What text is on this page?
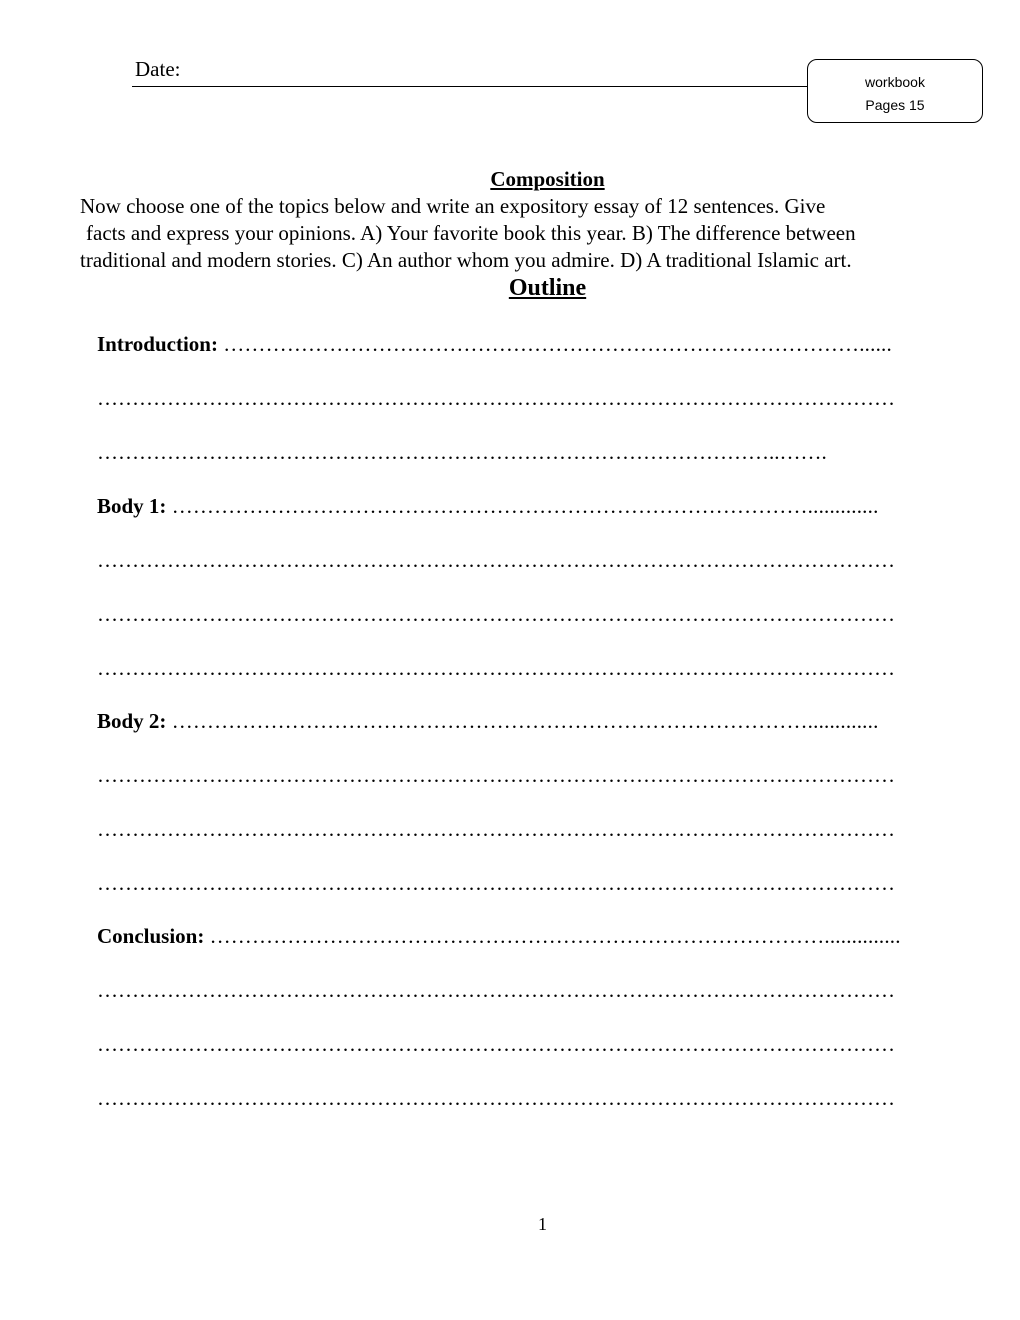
Date:
workbook
Pages 15
Composition
Now choose one of the topics below and write an expository essay of 12 sentences. Give
facts and express your opinions. A) Your favorite book this year. B) The difference between
traditional and modern stories. C) An author whom you admire. D) A traditional Islamic art.
Outline
Introduction: ………………………………………………………………………………......
……………………………………………………………………………………………………
……………………………………………………………………………………..…….
Body 1: ……………………………………………………………………………….............
……………………………………………………………………………………………………
……………………………………………………………………………………………………
……………………………………………………………………………………………………
Body 2: ……………………………………………………………………………….............
……………………………………………………………………………………………………
……………………………………………………………………………………………………
……………………………………………………………………………………………………
Conclusion: ……………………………………………………………………………..............
……………………………………………………………………………………………………
……………………………………………………………………………………………………
……………………………………………………………………………………………………
1
